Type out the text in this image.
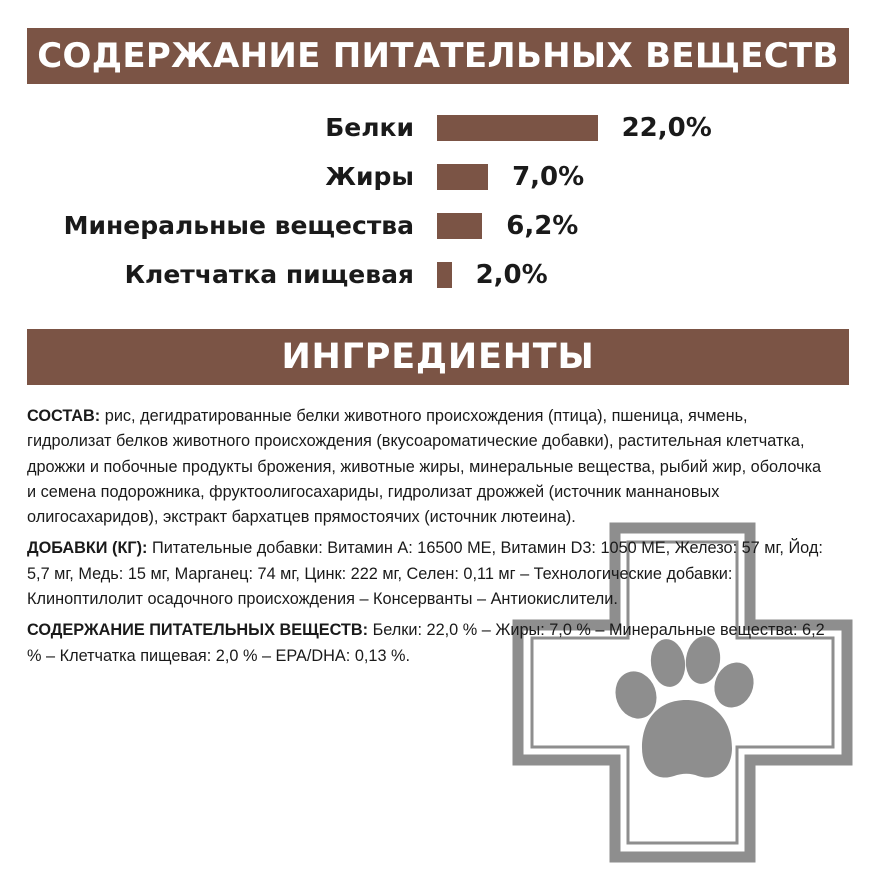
СОДЕРЖАНИЕ ПИТАТЕЛЬНЫХ ВЕЩЕСТВ
Белки	22,0%
Жиры	7,0%
Минеральные вещества	6,2%
Клетчатка пищевая 2,0%
ИНГРЕДИЕНТЫ

СОСТАВ: рис, дегидратированные белки животного происхождения (птица), пшеница, ячмень, гидролизат белков животного происхождения (вкусоароматические добавки), растительная клетчатка, дрожжи и побочные продукты брожения, животные жиры, минеральные вещества, рыбий жир, оболочка и семена подорожника, фруктоолигосахариды, гидролизат дрожжей (источник маннановых олигосахаридов), экстракт бархатцев прямостоячих (источник лютеина).

ДОБАВКИ (КГ): Питательные добавки: Витамин А: 16500 МЕ, Витамин D3: 1050 МЕ, Железо: 57 мг, Йод: 5,7 мг, Медь: 15 мг, Марганец: 74 мг, Цинк: 222 мг, Селен: 0,11 мг – Технологические добавки: Клиноптилолит осадочного происхождения – Консерванты – Антиокислители.

СОДЕРЖАНИЕ ПИТАТЕЛЬНЫХ ВЕЩЕСТВ: Белки: 22,0 % – Жиры: 7,0 % – Минеральные вещества: 6,2 % – Клетчатка пищевая: 2,0 % – EPA/DHA: 0,13 %.
